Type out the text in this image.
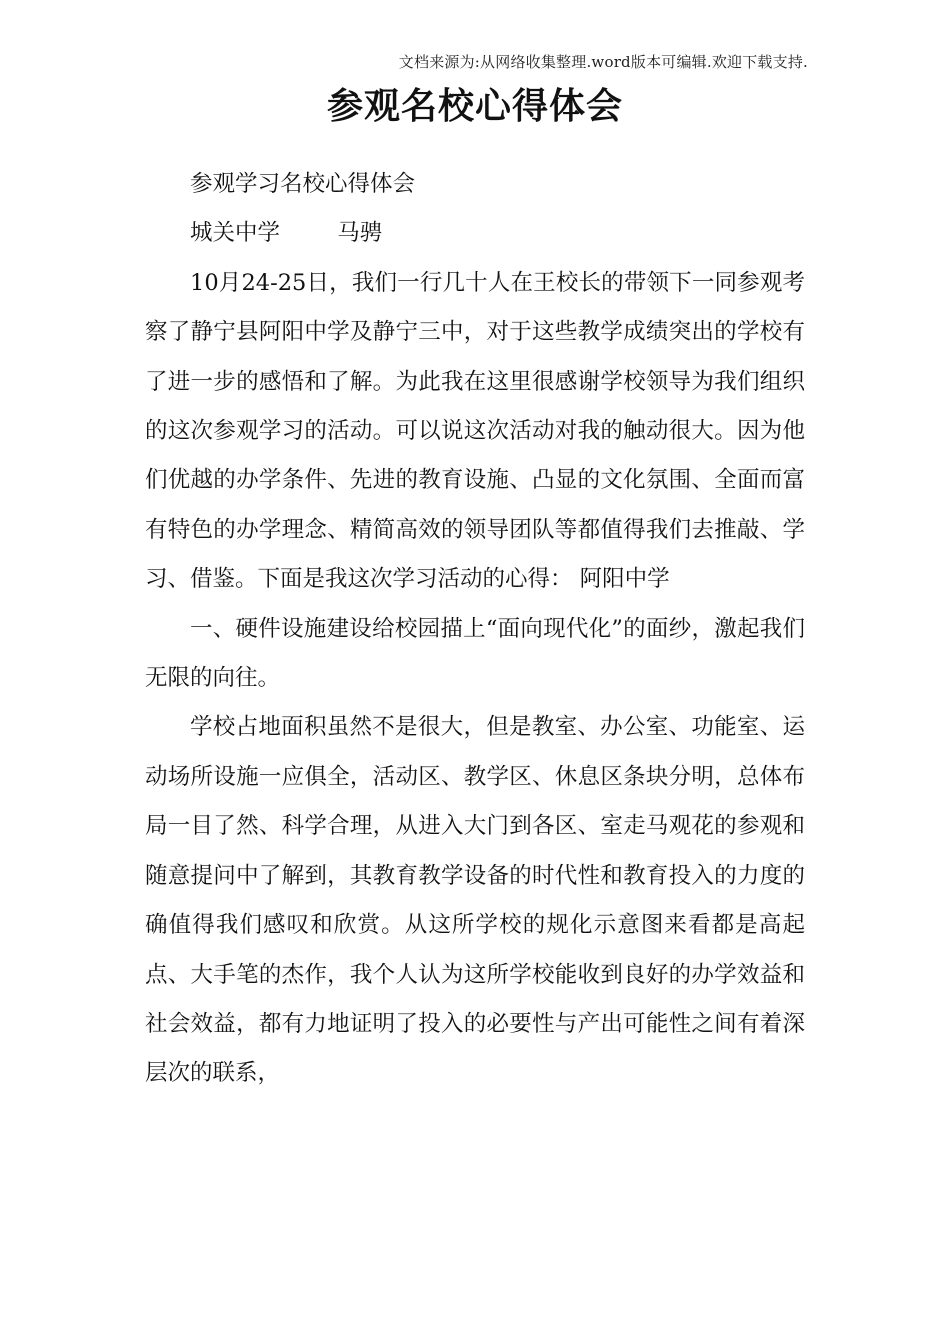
文档来源为:从网络收集整理.word版本可编辑.欢迎下载支持.
参观名校心得体会

参观学习名校心得体会

城关中学        马骋

10月24-25日，我们一行几十人在王校长的带领下一同参观考察了静宁县阿阳中学及静宁三中，对于这些教学成绩突出的学校有了进一步的感悟和了解。为此我在这里很感谢学校领导为我们组织的这次参观学习的活动。可以说这次活动对我的触动很大。因为他们优越的办学条件、先进的教育设施、凸显的文化氛围、全面而富有特色的办学理念、精简高效的领导团队等都值得我们去推敲、学习、借鉴。下面是我这次学习活动的心得： 阿阳中学

一、硬件设施建设给校园描上“面向现代化”的面纱，激起我们无限的向往。

学校占地面积虽然不是很大，但是教室、办公室、功能室、运动场所设施一应俱全，活动区、教学区、休息区条块分明，总体布局一目了然、科学合理，从进入大门到各区、室走马观花的参观和随意提问中了解到，其教育教学设备的时代性和教育投入的力度的确值得我们感叹和欣赏。从这所学校的规化示意图来看都是高起点、大手笔的杰作，我个人认为这所学校能收到良好的办学效益和社会效益，都有力地证明了投入的必要性与产出可能性之间有着深层次的联系，
